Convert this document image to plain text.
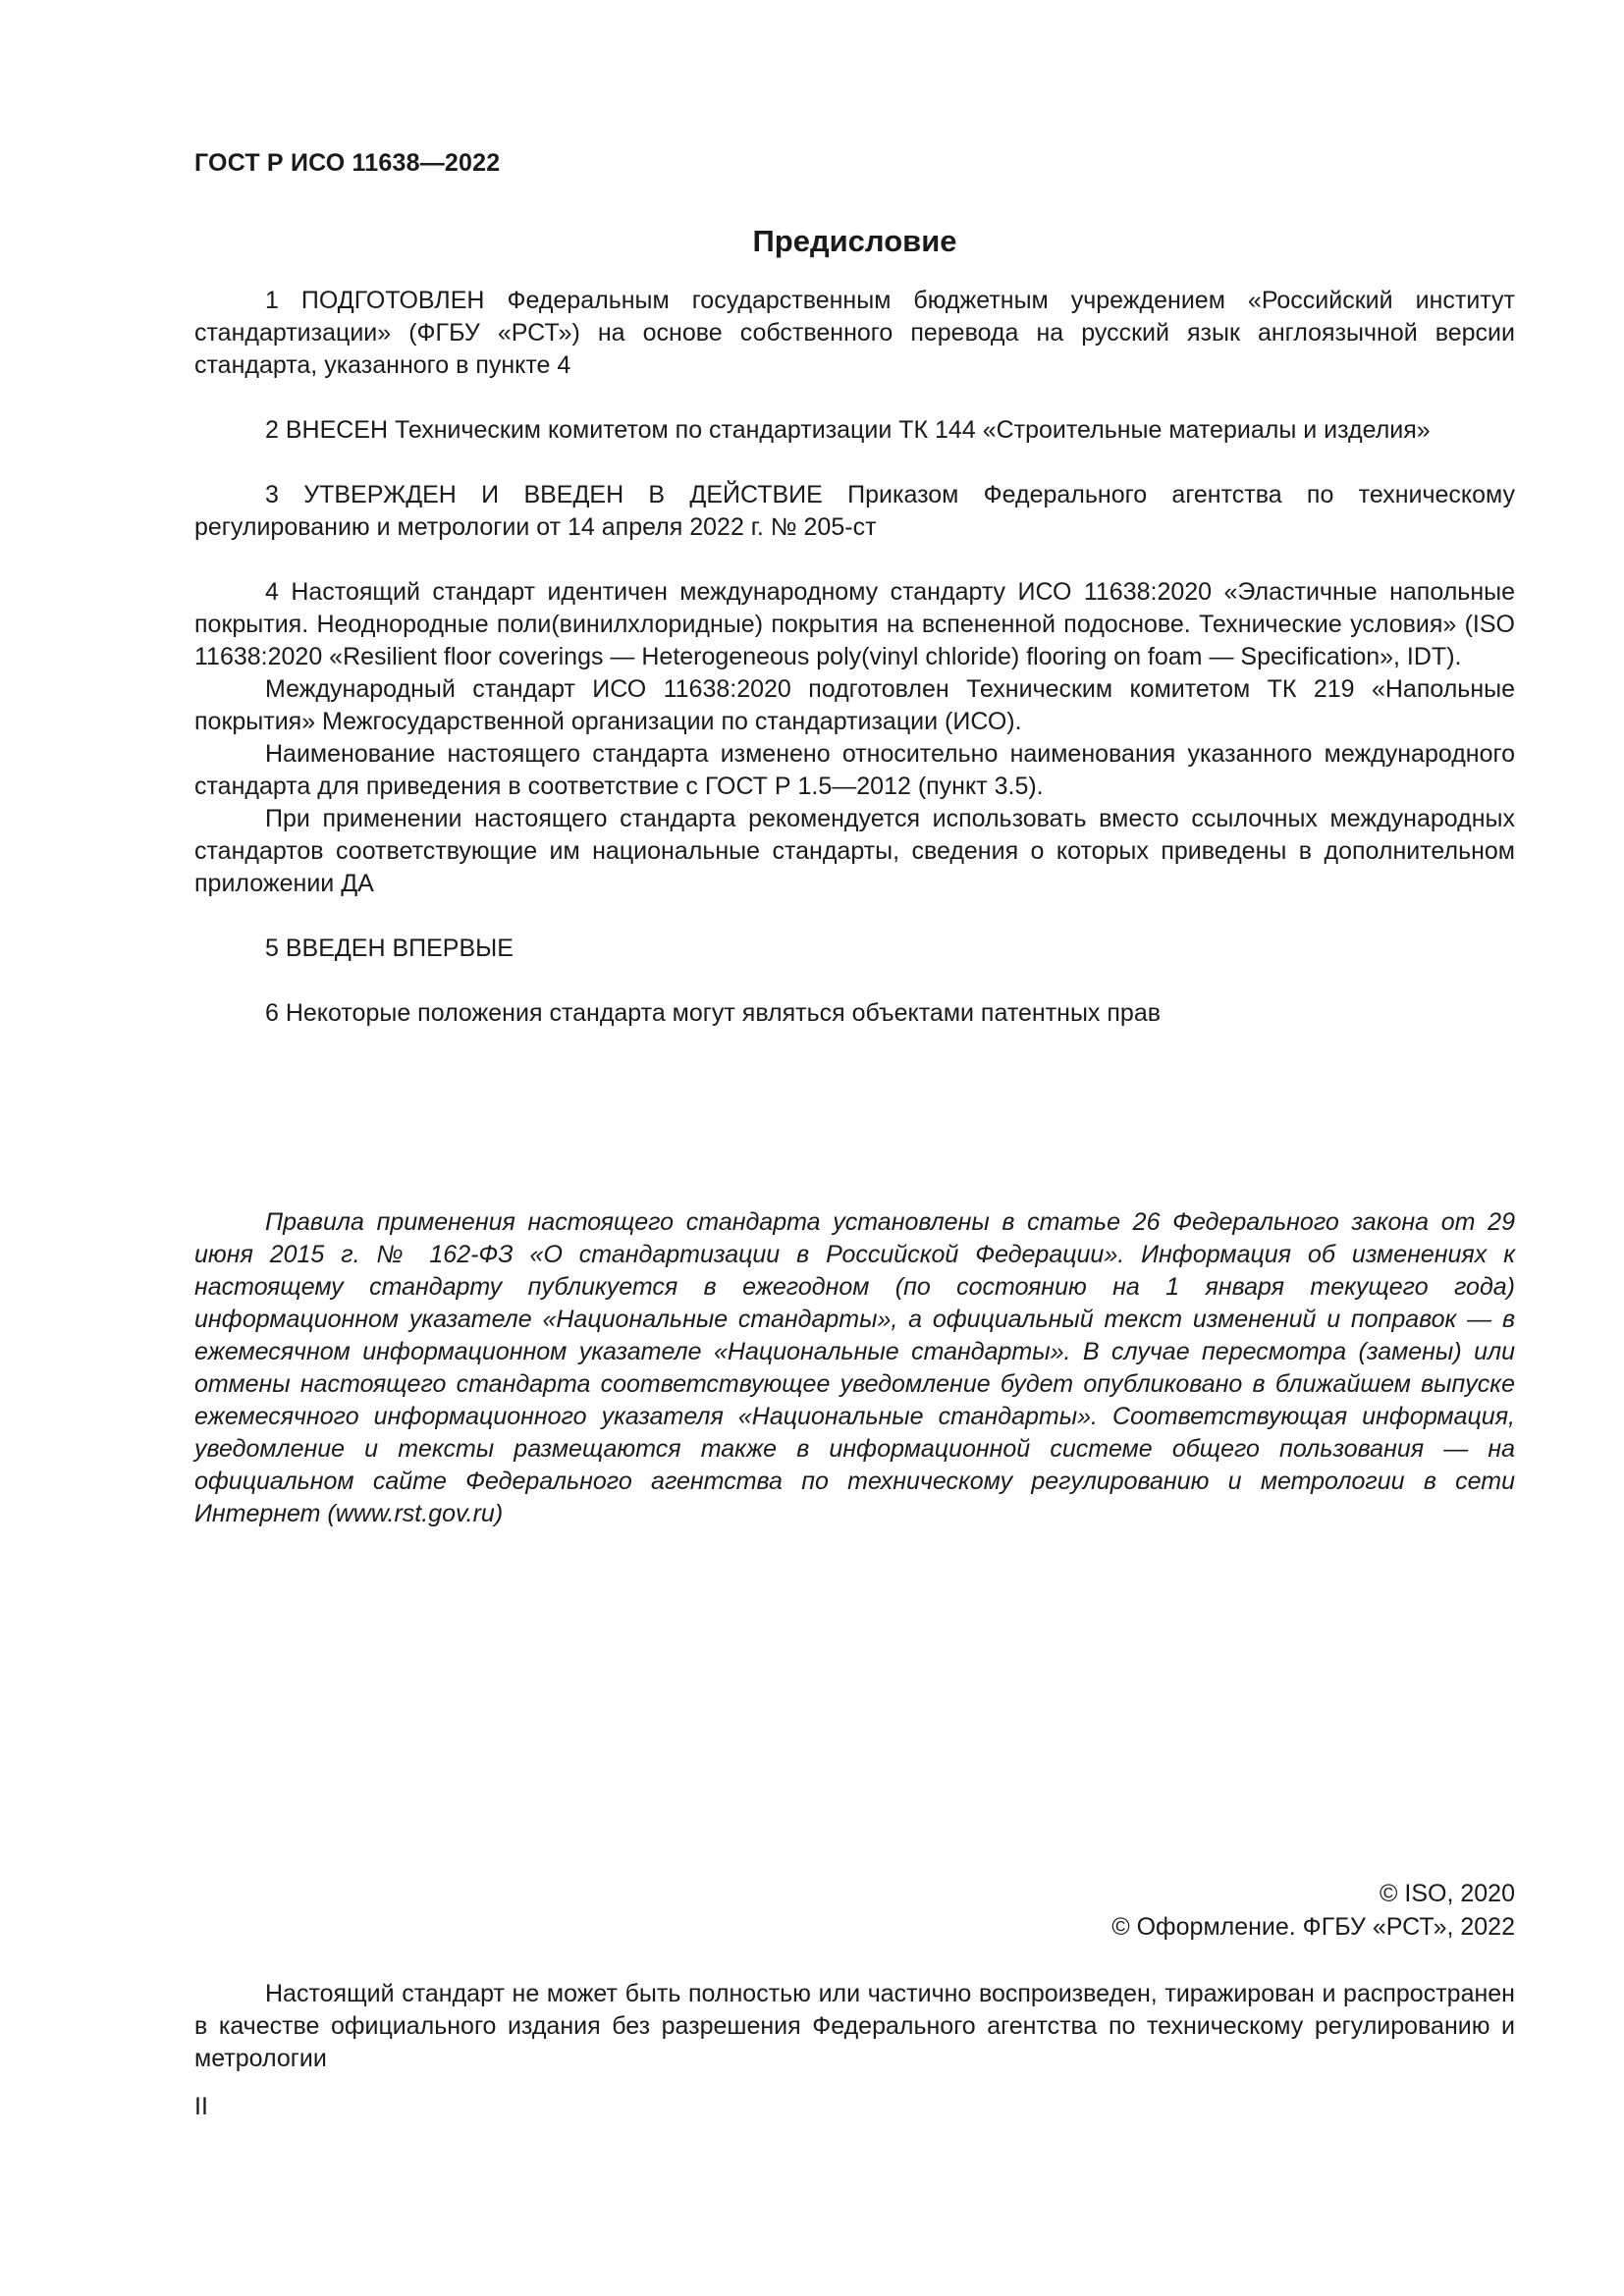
ГОСТ Р ИСО 11638—2022
Предисловие

1 ПОДГОТОВЛЕН Федеральным государственным бюджетным учреждением «Российский институт стандартизации» (ФГБУ «РСТ») на основе собственного перевода на русский язык англоязычной версии стандарта, указанного в пункте 4

2 ВНЕСЕН Техническим комитетом по стандартизации ТК 144 «Строительные материалы и изделия»

3 УТВЕРЖДЕН И ВВЕДЕН В ДЕЙСТВИЕ Приказом Федерального агентства по техническому регулированию и метрологии от 14 апреля 2022 г. № 205-ст

4 Настоящий стандарт идентичен международному стандарту ИСО 11638:2020 «Эластичные напольные покрытия. Неоднородные поли(винилхлоридные) покрытия на вспененной подоснове. Технические условия» (ISO 11638:2020 «Resilient floor coverings — Heterogeneous poly(vinyl chloride) flooring on foam — Specification», IDT).

Международный стандарт ИСО 11638:2020 подготовлен Техническим комитетом ТК 219 «Напольные покрытия» Межгосударственной организации по стандартизации (ИСО).

Наименование настоящего стандарта изменено относительно наименования указанного международного стандарта для приведения в соответствие с ГОСТ Р 1.5—2012 (пункт 3.5).

При применении настоящего стандарта рекомендуется использовать вместо ссылочных международных стандартов соответствующие им национальные стандарты, сведения о которых приведены в дополнительном приложении ДА

5 ВВЕДЕН ВПЕРВЫЕ

6 Некоторые положения стандарта могут являться объектами патентных прав

Правила применения настоящего стандарта установлены в статье 26 Федерального закона от 29 июня 2015 г. № 162-ФЗ «О стандартизации в Российской Федерации». Информация об изменениях к настоящему стандарту публикуется в ежегодном (по состоянию на 1 января текущего года) информационном указателе «Национальные стандарты», а официальный текст изменений и поправок — в ежемесячном информационном указателе «Национальные стандарты». В случае пересмотра (замены) или отмены настоящего стандарта соответствующее уведомление будет опубликовано в ближайшем выпуске ежемесячного информационного указателя «Национальные стандарты». Соответствующая информация, уведомление и тексты размещаются также в информационной системе общего пользования — на официальном сайте Федерального агентства по техническому регулированию и метрологии в сети Интернет (www.rst.gov.ru)

© ISO, 2020
© Оформление. ФГБУ «РСТ», 2022

Настоящий стандарт не может быть полностью или частично воспроизведен, тиражирован и распространен в качестве официального издания без разрешения Федерального агентства по техническому регулированию и метрологии

II
